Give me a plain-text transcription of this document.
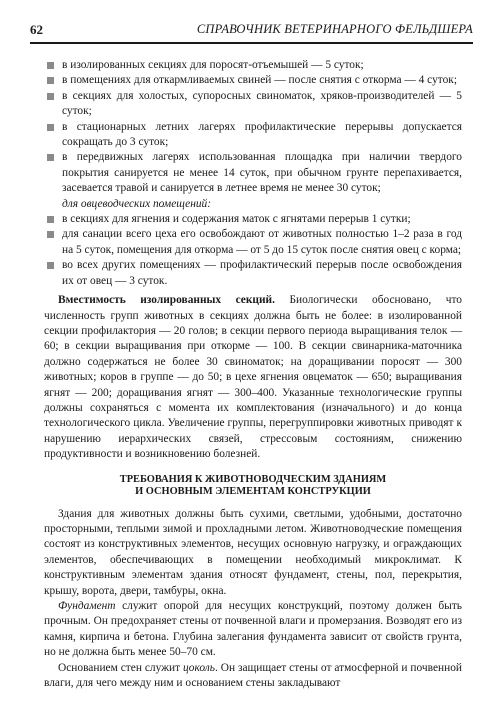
62	СПРАВОЧНИК ВЕТЕРИНАРНОГО ФЕЛЬДШЕРА
в изолированных секциях для поросят-отъемышей — 5 суток;
в помещениях для откармливаемых свиней — после снятия с откорма — 4 суток;
в секциях для холостых, супоросных свиноматок, хряков-производителей — 5 суток;
в стационарных летних лагерях профилактические перерывы допускается сокращать до 3 суток;
в передвижных лагерях использованная площадка при наличии твердого покрытия санируется не менее 14 суток, при обычном грунте перепахивается, засевается травой и санируется в летнее время не менее 30 суток;
для овцеводческих помещений:
в секциях для ягнения и содержания маток с ягнятами перерыв 1 сутки;
для санации всего цеха его освобождают от животных полностью 1–2 раза в год на 5 суток, помещения для откорма — от 5 до 15 суток после снятия овец с корма;
во всех других помещениях — профилактический перерыв после освобождения их от овец — 3 суток.

Вместимость изолированных секций. Биологически обосновано, что численность групп животных в секциях должна быть не более: в изолированной секции профилактория — 20 голов; в секции первого периода выращивания телок — 60; в секции выращивания при откорме — 100. В секции свинарника-маточника должно содержаться не более 30 свиноматок; на доращивании поросят — 300 животных; коров в группе — до 50; в цехе ягнения овцематок — 650; выращивания ягнят — 200; доращивания ягнят — 300–400. Указанные технологические группы должны сохраняться с момента их комплектования (изначального) и до конца технологического цикла. Увеличение группы, перегруппировки животных приводят к нарушению иерархических связей, стрессовым состояниям, снижению продуктивности и возникновению болезней.

ТРЕБОВАНИЯ К ЖИВОТНОВОДЧЕСКИМ ЗДАНИЯМ
И ОСНОВНЫМ ЭЛЕМЕНТАМ КОНСТРУКЦИИ

Здания для животных должны быть сухими, светлыми, удобными, достаточно просторными, теплыми зимой и прохладными летом. Животноводческие помещения состоят из конструктивных элементов, несущих основную нагрузку, и ограждающих элементов, обеспечивающих в помещении необходимый микроклимат. К конструктивным элементам здания относят фундамент, стены, пол, перекрытия, крышу, ворота, двери, тамбуры, окна.

Фундамент служит опорой для несущих конструкций, поэтому должен быть прочным. Он предохраняет стены от почвенной влаги и промерзания. Возводят его из камня, кирпича и бетона. Глубина залегания фундамента зависит от свойств грунта, но не должна быть менее 50–70 см.

Основанием стен служит цоколь. Он защищает стены от атмосферной и почвенной влаги, для чего между ним и основанием стены закладывают
